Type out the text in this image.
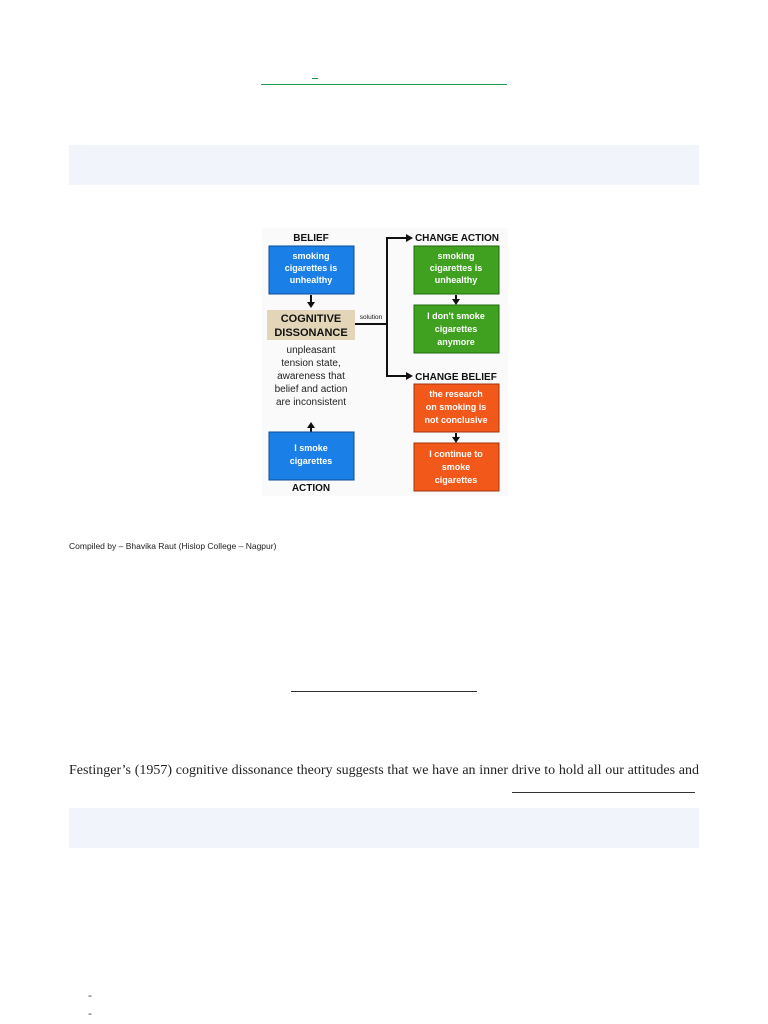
BELIEF
smoking
cigarettes is
unhealthy
COGNITIVE
DISSONANCE
unpleasant
tension state,
awareness that
belief and action
are inconsistent
I smoke
cigarettes
ACTION
solution
CHANGE ACTION
smoking
cigarettes is
unhealthy
I don't smoke
cigarettes
anymore
CHANGE BELIEF
the research
on smoking is
not conclusive
I continue to
smoke
cigarettes
Compiled by – Bhavika Raut (Hislop College – Nagpur)
Festinger’s (1957) cognitive dissonance theory suggests that we have an inner drive to hold all our attitudes and
-
-
